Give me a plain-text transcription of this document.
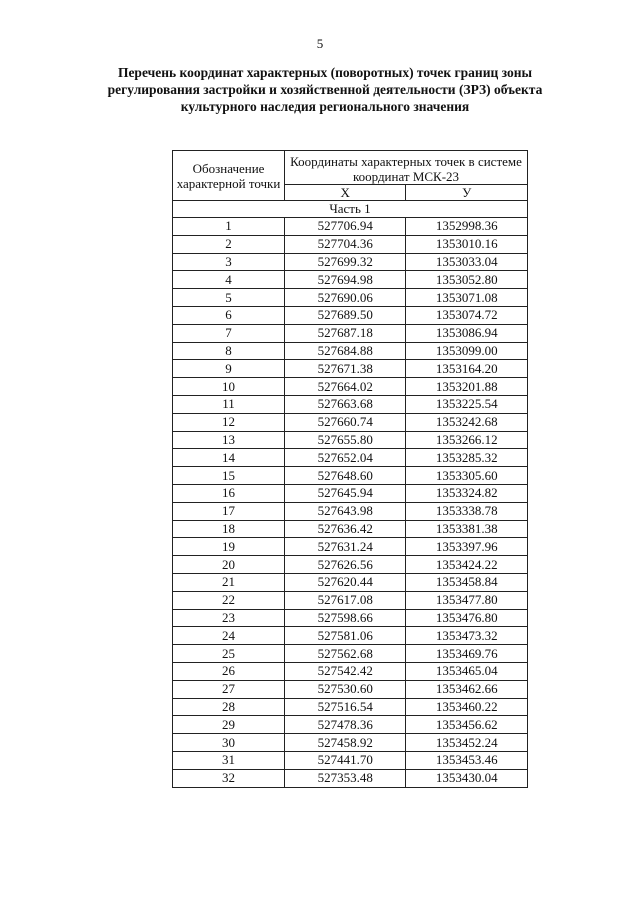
5
Перечень координат характерных (поворотных) точек границ зоны
регулирования застройки и хозяйственной деятельности (ЗРЗ) объекта
культурного наследия регионального значения
Обозначение характерной точки	Координаты характерных точек в системе координат МСК-23	
	X	У
Часть 1		
1	527706.94	1352998.36
2	527704.36	1353010.16
3	527699.32	1353033.04
4	527694.98	1353052.80
5	527690.06	1353071.08
6	527689.50	1353074.72
7	527687.18	1353086.94
8	527684.88	1353099.00
9	527671.38	1353164.20
10	527664.02	1353201.88
11	527663.68	1353225.54
12	527660.74	1353242.68
13	527655.80	1353266.12
14	527652.04	1353285.32
15	527648.60	1353305.60
16	527645.94	1353324.82
17	527643.98	1353338.78
18	527636.42	1353381.38
19	527631.24	1353397.96
20	527626.56	1353424.22
21	527620.44	1353458.84
22	527617.08	1353477.80
23	527598.66	1353476.80
24	527581.06	1353473.32
25	527562.68	1353469.76
26	527542.42	1353465.04
27	527530.60	1353462.66
28	527516.54	1353460.22
29	527478.36	1353456.62
30	527458.92	1353452.24
31	527441.70	1353453.46
32	527353.48	1353430.04
